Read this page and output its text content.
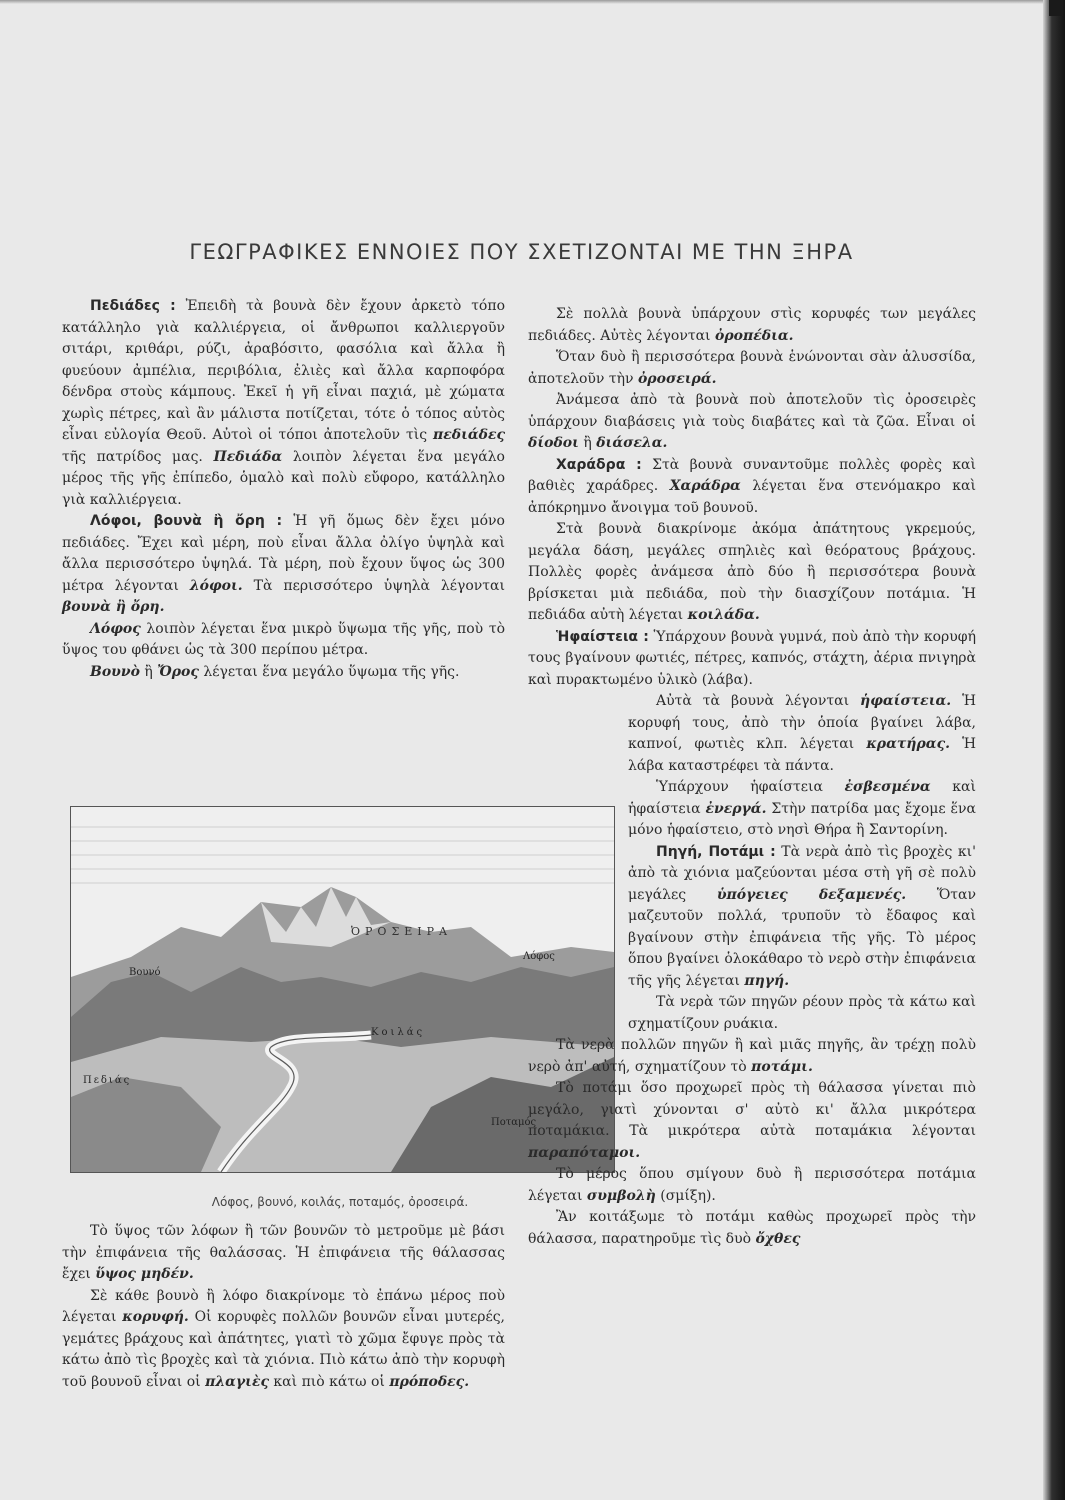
ΓΕΩΓΡΑΦΙΚΕΣ ΕΝΝΟΙΕΣ ΠΟΥ ΣΧΕΤΙΖΟΝΤΑΙ ΜΕ ΤΗΝ ΞΗΡΑ

Πεδιάδες : Ἐπειδὴ τὰ βουνὰ δὲν ἔχουν ἀρκετὸ τόπο κατάλληλο γιὰ καλλιέργεια, οἱ ἄνθρωποι καλλιεργοῦν σιτάρι, κριθάρι, ρύζι, ἀραβόσιτο, φασόλια καὶ ἄλλα ἢ φυεύουν ἀμπέλια, περιβόλια, ἐλιὲς καὶ ἄλλα καρποφόρα δένδρα στοὺς κάμπους. Ἐκεῖ ἡ γῆ εἶναι παχιά, μὲ χώματα χωρὶς πέτρες, καὶ ἂν μάλιστα ποτίζεται, τότε ὁ τόπος αὐτὸς εἶναι εὐλογία Θεοῦ. Αὐτοὶ οἱ τόποι ἀποτελοῦν τὶς πεδιάδες τῆς πατρίδος μας. Πεδιάδα λοιπὸν λέγεται ἕνα μεγάλο μέρος τῆς γῆς ἐπίπεδο, ὁμαλὸ καὶ πολὺ εὔφορο, κατάλληλο γιὰ καλλιέργεια.

Λόφοι, βουνὰ ἢ ὄρη : Ἡ γῆ ὅμως δὲν ἔχει μόνο πεδιάδες. Ἔχει καὶ μέρη, ποὺ εἶναι ἄλλα ὀλίγο ὑψηλὰ καὶ ἄλλα περισσότερο ὑψηλά. Τὰ μέρη, ποὺ ἔχουν ὕψος ὡς 300 μέτρα λέγονται λόφοι. Τὰ περισσότερο ὑψηλὰ λέγονται βουνὰ ἢ ὄρη.

Λόφος λοιπὸν λέγεται ἕνα μικρὸ ὕψωμα τῆς γῆς, ποὺ τὸ ὕψος του φθάνει ὡς τὰ 300 περίπου μέτρα.

Βουνὸ ἢ Ὄρος λέγεται ἕνα μεγάλο ὕψωμα τῆς γῆς.

ὈΡΟΣΕΙΡΑ
Βουνό
Λόφος
Κοιλάς
Ποταμός
Πεδιάς
Λόφος, βουνό, κοιλάς, ποταμός, ὀροσειρά.

Τὸ ὕψος τῶν λόφων ἢ τῶν βουνῶν τὸ μετροῦμε μὲ βάσι τὴν ἐπιφάνεια τῆς θαλάσσας. Ἡ ἐπιφάνεια τῆς θάλασσας ἔχει ὕψος μηδέν.

Σὲ κάθε βουνὸ ἢ λόφο διακρίνομε τὸ ἐπάνω μέρος ποὺ λέγεται κορυφή. Οἱ κορυφὲς πολλῶν βουνῶν εἶναι μυτερές, γεμάτες βράχους καὶ ἀπάτητες, γιατὶ τὸ χῶμα ἔφυγε πρὸς τὰ κάτω ἀπὸ τὶς βροχὲς καὶ τὰ χιόνια. Πιὸ κάτω ἀπὸ τὴν κορυφὴ τοῦ βουνοῦ εἶναι οἱ πλαγιὲς καὶ πιὸ κάτω οἱ πρόποδες.

Σὲ πολλὰ βουνὰ ὑπάρχουν στὶς κορυφές των μεγάλες πεδιάδες. Αὐτὲς λέγονται ὀροπέδια.

Ὅταν δυὸ ἢ περισσότερα βουνὰ ἑνώνονται σὰν ἁλυσσίδα, ἀποτελοῦν τὴν ὀροσειρά.

Ἀνάμεσα ἀπὸ τὰ βουνὰ ποὺ ἀποτελοῦν τὶς ὀροσειρὲς ὑπάρχουν διαβάσεις γιὰ τοὺς διαβάτες καὶ τὰ ζῶα. Εἶναι οἱ δίοδοι ἢ διάσελα.

Χαράδρα : Στὰ βουνὰ συναντοῦμε πολλὲς φορὲς καὶ βαθιὲς χαράδρες. Χαράδρα λέγεται ἕνα στενόμακρο καὶ ἀπόκρημνο ἄνοιγμα τοῦ βουνοῦ.

Στὰ βουνὰ διακρίνομε ἀκόμα ἀπάτητους γκρεμούς, μεγάλα δάση, μεγάλες σπηλιὲς καὶ θεόρατους βράχους. Πολλὲς φορὲς ἀνάμεσα ἀπὸ δύο ἢ περισσότερα βουνὰ βρίσκεται μιὰ πεδιάδα, ποὺ τὴν διασχίζουν ποτάμια. Ἡ πεδιάδα αὐτὴ λέγεται κοιλάδα.

Ἡφαίστεια : Ὑπάρχουν βουνὰ γυμνά, ποὺ ἀπὸ τὴν κορυφή τους βγαίνουν φωτιές, πέτρες, καπνός, στάχτη, ἀέρια πνιγηρὰ καὶ πυρακτωμένο ὑλικὸ (λάβα).

Αὐτὰ τὰ βουνὰ λέγονται ἡφαίστεια. Ἡ κορυφή τους, ἀπὸ τὴν ὁποία βγαίνει λάβα, καπνοί, φωτιὲς κλπ. λέγεται κρατήρας. Ἡ λάβα καταστρέφει τὰ πάντα.

Ὑπάρχουν ἡφαίστεια ἐσβεσμένα καὶ ἡφαίστεια ἐνεργά. Στὴν πατρίδα μας ἔχομε ἕνα μόνο ἡφαίστειο, στὸ νησὶ Θήρα ἢ Σαντορίνη.

Πηγή, Ποτάμι : Τὰ νερὰ ἀπὸ τὶς βροχὲς κι' ἀπὸ τὰ χιόνια μαζεύονται μέσα στὴ γῆ σὲ πολὺ μεγάλες ὑπόγειες δεξαμενές. Ὅταν μαζευτοῦν πολλά, τρυποῦν τὸ ἔδαφος καὶ βγαίνουν στὴν ἐπιφάνεια τῆς γῆς. Τὸ μέρος ὅπου βγαίνει ὁλοκάθαρο τὸ νερὸ στὴν ἐπιφάνεια τῆς γῆς λέγεται πηγή.

Τὰ νερὰ τῶν πηγῶν ρέουν πρὸς τὰ κάτω καὶ σχηματίζουν ρυάκια.

Τὰ νερὰ πολλῶν πηγῶν ἢ καὶ μιᾶς πηγῆς, ἂν τρέχῃ πολὺ νερὸ ἀπ' αὐτή, σχηματίζουν τὸ ποτάμι.

Τὸ ποτάμι ὅσο προχωρεῖ πρὸς τὴ θάλασσα γίνεται πιὸ μεγάλο, γιατὶ χύνονται σ' αὐτὸ κι' ἄλλα μικρότερα ποταμάκια. Τὰ μικρότερα αὐτὰ ποταμάκια λέγονται παραπόταμοι.

Τὸ μέρος ὅπου σμίγουν δυὸ ἢ περισσότερα ποτάμια λέγεται συμβολὴ (σμίξη).

Ἂν κοιτάξωμε τὸ ποτάμι καθὼς προχωρεῖ πρὸς τὴν θάλασσα, παρατηροῦμε τὶς δυὸ ὄχθες
